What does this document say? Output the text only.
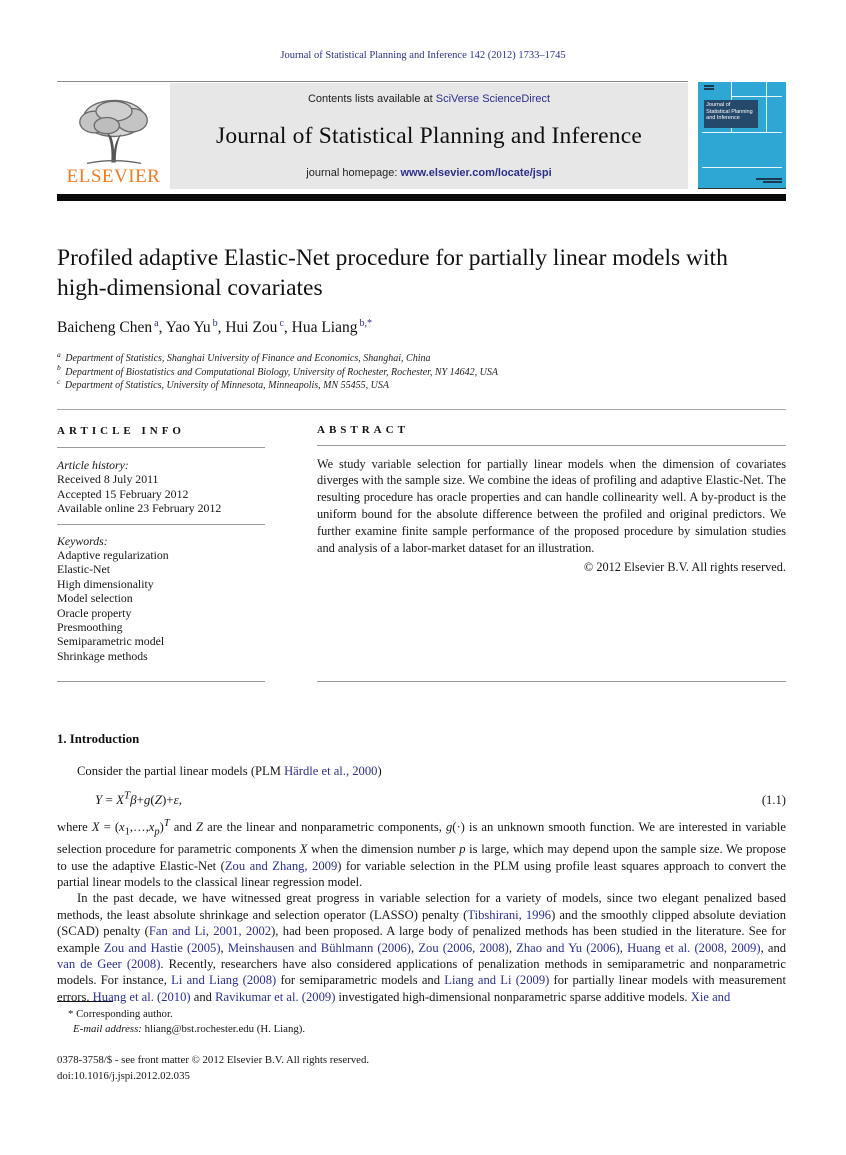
Journal of Statistical Planning and Inference 142 (2012) 1733–1745
ELSEVIER
Contents lists available at SciVerse ScienceDirect
Journal of Statistical Planning and Inference
journal homepage: www.elsevier.com/locate/jspi
Journal of
Statistical Planning
and Inference
Profiled adaptive Elastic-Net procedure for partially linear models with high-dimensional covariates
Baicheng Chen $^a$, Yao Yu $^b$, Hui Zou $^c$, Hua Liang $^{b,*}$
$^a$ Department of Statistics, Shanghai University of Finance and Economics, Shanghai, China
$^b$ Department of Biostatistics and Computational Biology, University of Rochester, Rochester, NY 14642, USA
$^c$ Department of Statistics, University of Minnesota, Minneapolis, MN 55455, USA
ARTICLE INFO
Article history:
Received 8 July 2011
Accepted 15 February 2012
Available online 23 February 2012
Keywords:
Adaptive regularization
Elastic-Net
High dimensionality
Model selection
Oracle property
Presmoothing
Semiparametric model
Shrinkage methods
ABSTRACT
We study variable selection for partially linear models when the dimension of covariates diverges with the sample size. We combine the ideas of profiling and adaptive Elastic-Net. The resulting procedure has oracle properties and can handle collinearity well. A by-product is the uniform bound for the absolute difference between the profiled and original predictors. We further examine finite sample performance of the proposed procedure by simulation studies and analysis of a labor-market dataset for an illustration.
© 2012 Elsevier B.V. All rights reserved.
1. Introduction
Consider the partial linear models (PLM Härdle et al., 2000)
$Y = X^T\beta+g(Z)+\varepsilon$,	(1.1)

where $X = (x_1,\dots,x_p)^T$ and Z are the linear and nonparametric components, g(·) is an unknown smooth function. We are interested in variable selection procedure for parametric components X when the dimension number p is large, which may depend upon the sample size. We propose to use the adaptive Elastic-Net (Zou and Zhang, 2009) for variable selection in the PLM using profile least squares approach to convert the partial linear models to the classical linear regression model.

In the past decade, we have witnessed great progress in variable selection for a variety of models, since two elegant penalized based methods, the least absolute shrinkage and selection operator (LASSO) penalty (Tibshirani, 1996) and the smoothly clipped absolute deviation (SCAD) penalty (Fan and Li, 2001, 2002), had been proposed. A large body of penalized methods has been studied in the literature. See for example Zou and Hastie (2005), Meinshausen and Bühlmann (2006), Zou (2006, 2008), Zhao and Yu (2006), Huang et al. (2008, 2009), and van de Geer (2008). Recently, researchers have also considered applications of penalization methods in semiparametric and nonparametric models. For instance, Li and Liang (2008) for semiparametric models and Liang and Li (2009) for partially linear models with measurement errors. Huang et al. (2010) and Ravikumar et al. (2009) investigated high-dimensional nonparametric sparse additive models. Xie and

* Corresponding author.
E-mail address: hliang@bst.rochester.edu (H. Liang).
0378-3758/$ - see front matter © 2012 Elsevier B.V. All rights reserved.
doi:10.1016/j.jspi.2012.02.035
